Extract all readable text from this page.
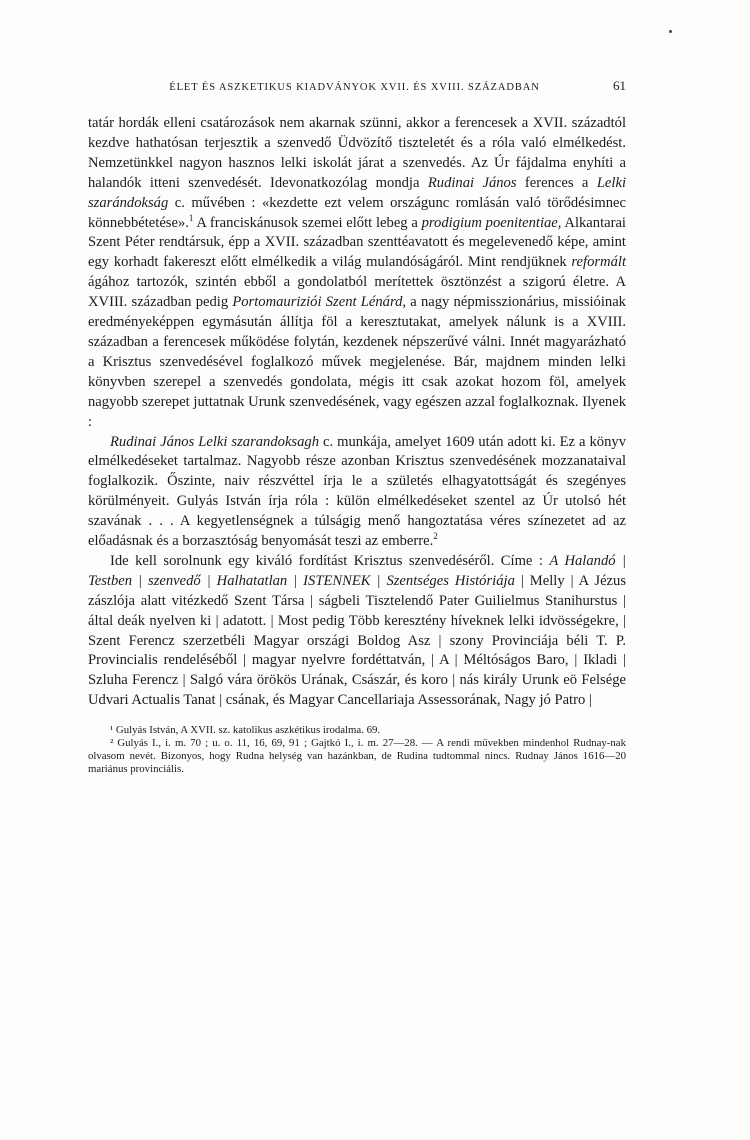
ÉLET ÉS ASZKETIKUS KIADVÁNYOK XVII. ÉS XVIII. SZÁZADBAN	61

tatár hordák elleni csatározások nem akarnak szünni, akkor a ferencesek a XVII. századtól kezdve hathatósan terjesztik a szenvedő Üdvözítő tiszteletét és a róla való elmélkedést. Nemzetünkkel nagyon hasznos lelki iskolát járat a szenvedés. Az Úr fájdalma enyhíti a halandók itteni szenvedését. Idevonatkozólag mondja Rudinai János ferences a Lelki szarándokság c. művében : «kezdette ezt velem országunc romlásán való törődésimnec könnebbétetése».$^1$ A franciskánusok szemei előtt lebeg a prodigium poenitentiae, Alkantarai Szent Péter rendtársuk, épp a XVII. században szenttéavatott és megelevenedő képe, amint egy korhadt fakereszt előtt elmélkedik a világ mulandóságáról. Mint rendjüknek reformált ágához tartozók, szintén ebből a gondolatból merítettek ösztönzést a szigorú életre. A XVIII. században pedig Portomauriziói Szent Lénárd, a nagy népmisszionárius, missióinak eredményeképpen egymásután állítja föl a keresztutakat, amelyek nálunk is a XVIII. században a ferencesek működése folytán, kezdenek népszerűvé válni. Innét magyarázható a Krisztus szenvedésével foglalkozó művek megjelenése. Bár, majdnem minden lelki könyvben szerepel a szenvedés gondolata, mégis itt csak azokat hozom föl, amelyek nagyobb szerepet juttatnak Urunk szenvedésének, vagy egészen azzal foglalkoznak. Ilyenek :

Rudinai János Lelki szarandoksagh c. munkája, amelyet 1609 után adott ki. Ez a könyv elmélkedéseket tartalmaz. Nagyobb része azonban Krisztus szenvedésének mozzanataival foglalkozik. Őszinte, naiv részvéttel írja le a születés elhagyatottságát és szegényes körülményeit. Gulyás István írja róla : külön elmélkedéseket szentel az Úr utolsó hét szavának . . . A kegyetlenségnek a túlságig menő hangoztatása véres színezetet ad az előadásnak és a borzasztóság benyomását teszi az emberre.$^2$

Ide kell sorolnunk egy kiváló fordítást Krisztus szenvedéséről. Címe : A Halandó | Testben | szenvedő | Halhatatlan | ISTENNEK | Szentséges Históriája | Melly | A Jézus zászlója alatt vitézkedő Szent Társa | ságbeli Tisztelendő Pater Guilielmus Stanihurstus | által deák nyelven ki | adatott. | Most pedig Több keresztény híveknek lelki idvösségekre, | Szent Ferencz szerzetbéli Magyar országi Boldog Asz | szony Provinciája béli T. P. Provincialis rendeléséből | magyar nyelvre fordéttatván, | A | Méltóságos Baro, | Ikladi | Szluha Ferencz | Salgó vára örökös Urának, Császár, és koro | nás király Urunk eö Felsége Udvari Actualis Tanat | csának, és Magyar Cancellariaja Assessorának, Nagy jó Patro |

¹ Gulyás István, A XVII. sz. katolikus aszkétikus irodalma. 69.

² Gulyás I., i. m. 70 ; u. o. 11, 16, 69, 91 ; Gajtkó I., i. m. 27—28. — A rendi művekben mindenhol Rudnay-nak olvasom nevét. Bizonyos, hogy Rudna helység van hazánkban, de Rudina tudtommal nincs. Rudnay János 1616—20 mariánus provinciális.
